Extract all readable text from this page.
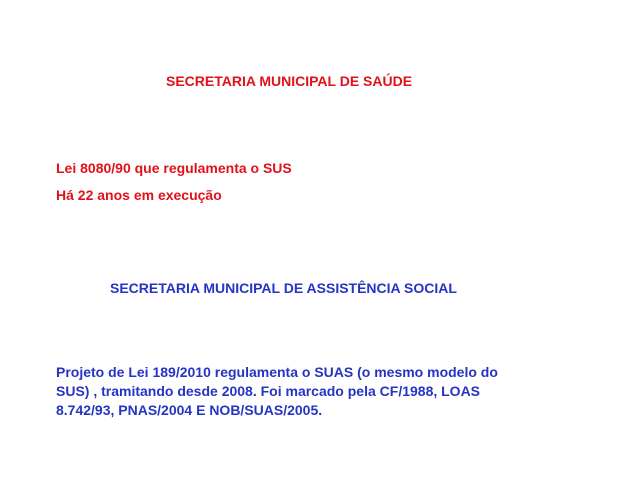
SECRETARIA MUNICIPAL DE SAÚDE
Lei 8080/90 que regulamenta o SUS
Há 22 anos em execução
SECRETARIA MUNICIPAL DE ASSISTÊNCIA SOCIAL
Projeto de Lei 189/2010 regulamenta o SUAS (o mesmo modelo do
SUS) , tramitando desde 2008. Foi marcado pela CF/1988, LOAS
8.742/93, PNAS/2004 E NOB/SUAS/2005.
